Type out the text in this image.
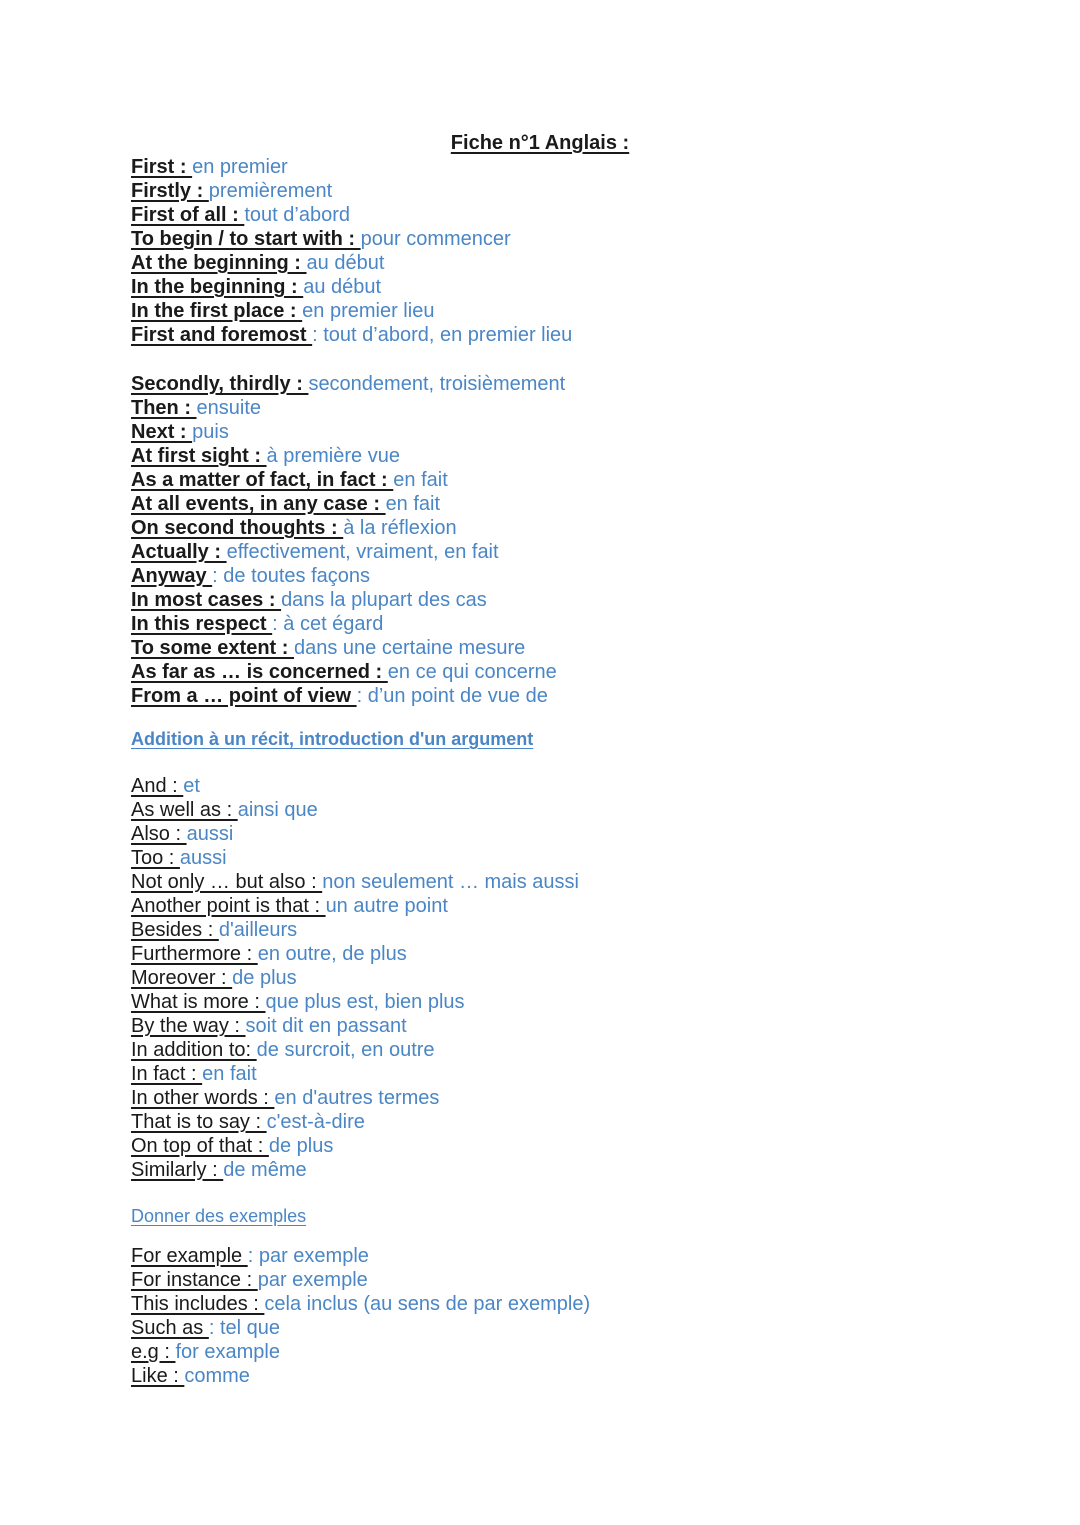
Fiche n°1 Anglais :
First : en premier
Firstly : premièrement
First of all : tout d’abord
To begin / to start with : pour commencer
At the beginning : au début
In the beginning : au début
In the first place : en premier lieu
First and foremost : tout d’abord, en premier lieu
Secondly, thirdly : secondement, troisièmement
Then : ensuite
Next : puis
At first sight : à première vue
As a matter of fact, in fact : en fait
At all events, in any case : en fait
On second thoughts : à la réflexion
Actually : effectivement, vraiment, en fait
Anyway : de toutes façons
In most cases : dans la plupart des cas
In this respect : à cet égard
To some extent : dans une certaine mesure
As far as … is concerned : en ce qui concerne
From a … point of view : d’un point de vue de
Addition à un récit, introduction d'un argument
And : et
As well as : ainsi que
Also : aussi
Too : aussi
Not only … but also : non seulement … mais aussi
Another point is that : un autre point
Besides : d'ailleurs
Furthermore : en outre, de plus
Moreover : de plus
What is more : que plus est, bien plus
By the way : soit dit en passant
In addition to: de surcroit, en outre
In fact : en fait
In other words : en d'autres termes
That is to say : c'est-à-dire
On top of that : de plus
Similarly : de même
Donner des exemples
For example : par exemple
For instance : par exemple
This includes : cela inclus (au sens de par exemple)
Such as : tel que
e.g : for example
Like : comme
